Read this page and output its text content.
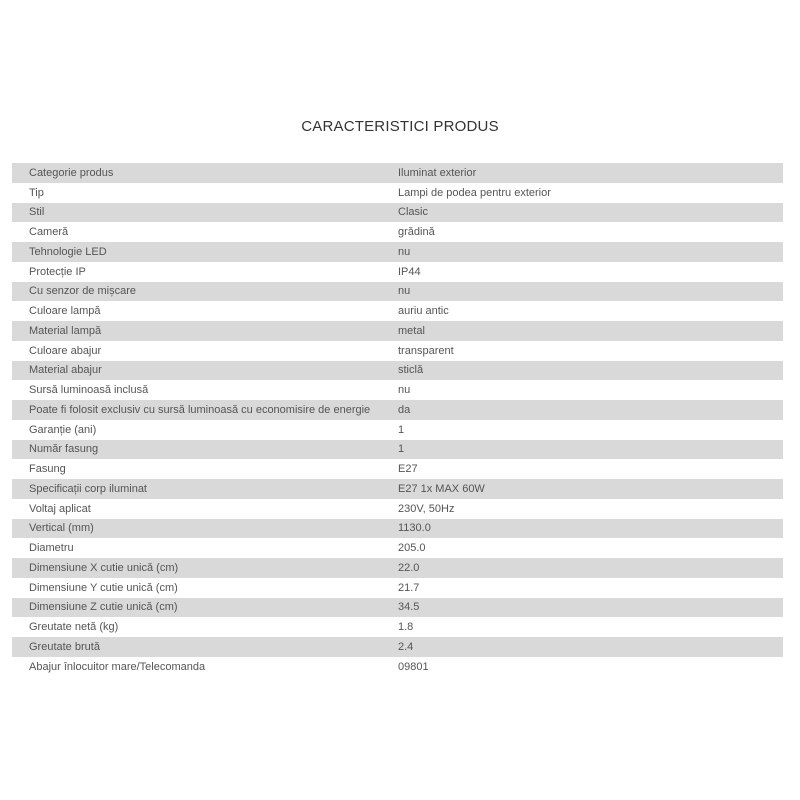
CARACTERISTICI PRODUS
Categorie produs	Iluminat exterior
Tip	Lampi de podea pentru exterior
Stil	Clasic
Cameră	grădină
Tehnologie LED	nu
Protecție IP	IP44
Cu senzor de mișcare	nu
Culoare lampă	auriu antic
Material lampă	metal
Culoare abajur	transparent
Material abajur	sticlă
Sursă luminoasă inclusă	nu
Poate fi folosit exclusiv cu sursă luminoasă cu economisire de energie	da
Garanție (ani)	1
Număr fasung	1
Fasung	E27
Specificații corp iluminat	E27 1x MAX 60W
Voltaj aplicat	230V, 50Hz
Vertical (mm)	1130.0
Diametru	205.0
Dimensiune X cutie unică (cm)	22.0
Dimensiune Y cutie unică (cm)	21.7
Dimensiune Z cutie unică (cm)	34.5
Greutate netă (kg)	1.8
Greutate brută	2.4
Abajur înlocuitor mare/Telecomanda	09801
